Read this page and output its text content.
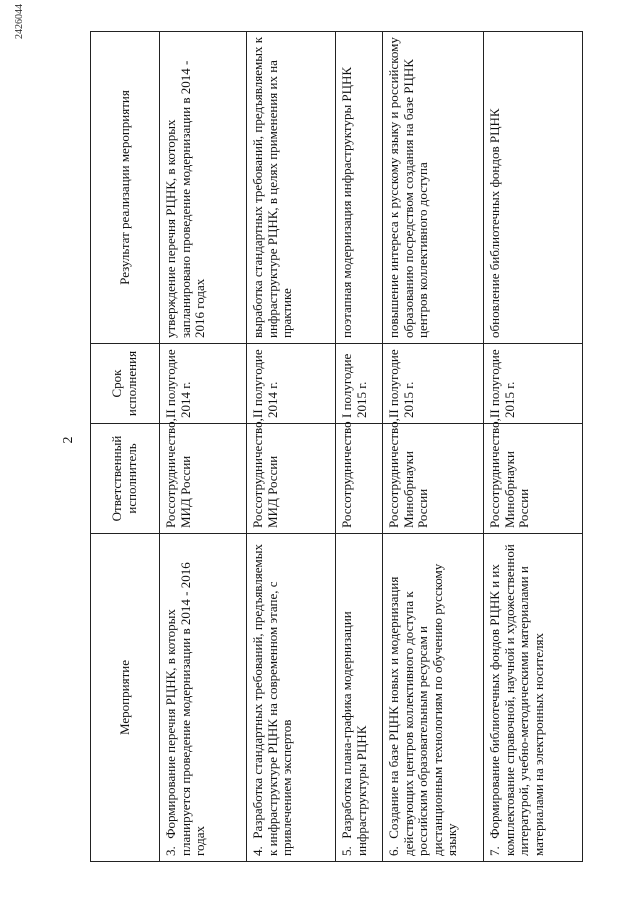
2
2426044
Мероприятие	Ответственный исполнитель	Срок исполнения	Результат реализации мероприятия
3. Формирование перечня РЦНК, в которых планируется проведение модернизации в 2014 - 2016 годах	Россотрудничество, МИД России	II полугодие 2014 г.	утверждение перечня РЦНК, в которых запланировано проведение модернизации в 2014 - 2016 годах
4. Разработка стандартных требований, предъявляемых к инфраструктуре РЦНК на современном этапе, с привлечением экспертов	Россотрудничество, МИД России	II полугодие 2014 г.	выработка стандартных требований, предъявляемых к инфраструктуре РЦНК, в целях применения их на практике
5. Разработка плана-графика модернизации инфраструктуры РЦНК	Россотрудничество	I полугодие 2015 г.	поэтапная модернизация инфраструктуры РЦНК
6. Создание на базе РЦНК новых и модернизация действующих центров коллективного доступа к российским образовательным ресурсам и дистанционным технологиям по обучению русскому языку	Россотрудничество, Минобрнауки России	II полугодие 2015 г.	повышение интереса к русскому языку и российскому образованию посредством создания на базе РЦНК центров коллективного доступа
7. Формирование библиотечных фондов РЦНК и их комплектование справочной, научной и художественной литературой, учебно-методическими материалами и материалами на электронных носителях	Россотрудничество, Минобрнауки России	II полугодие 2015 г.	обновление библиотечных фондов РЦНК
